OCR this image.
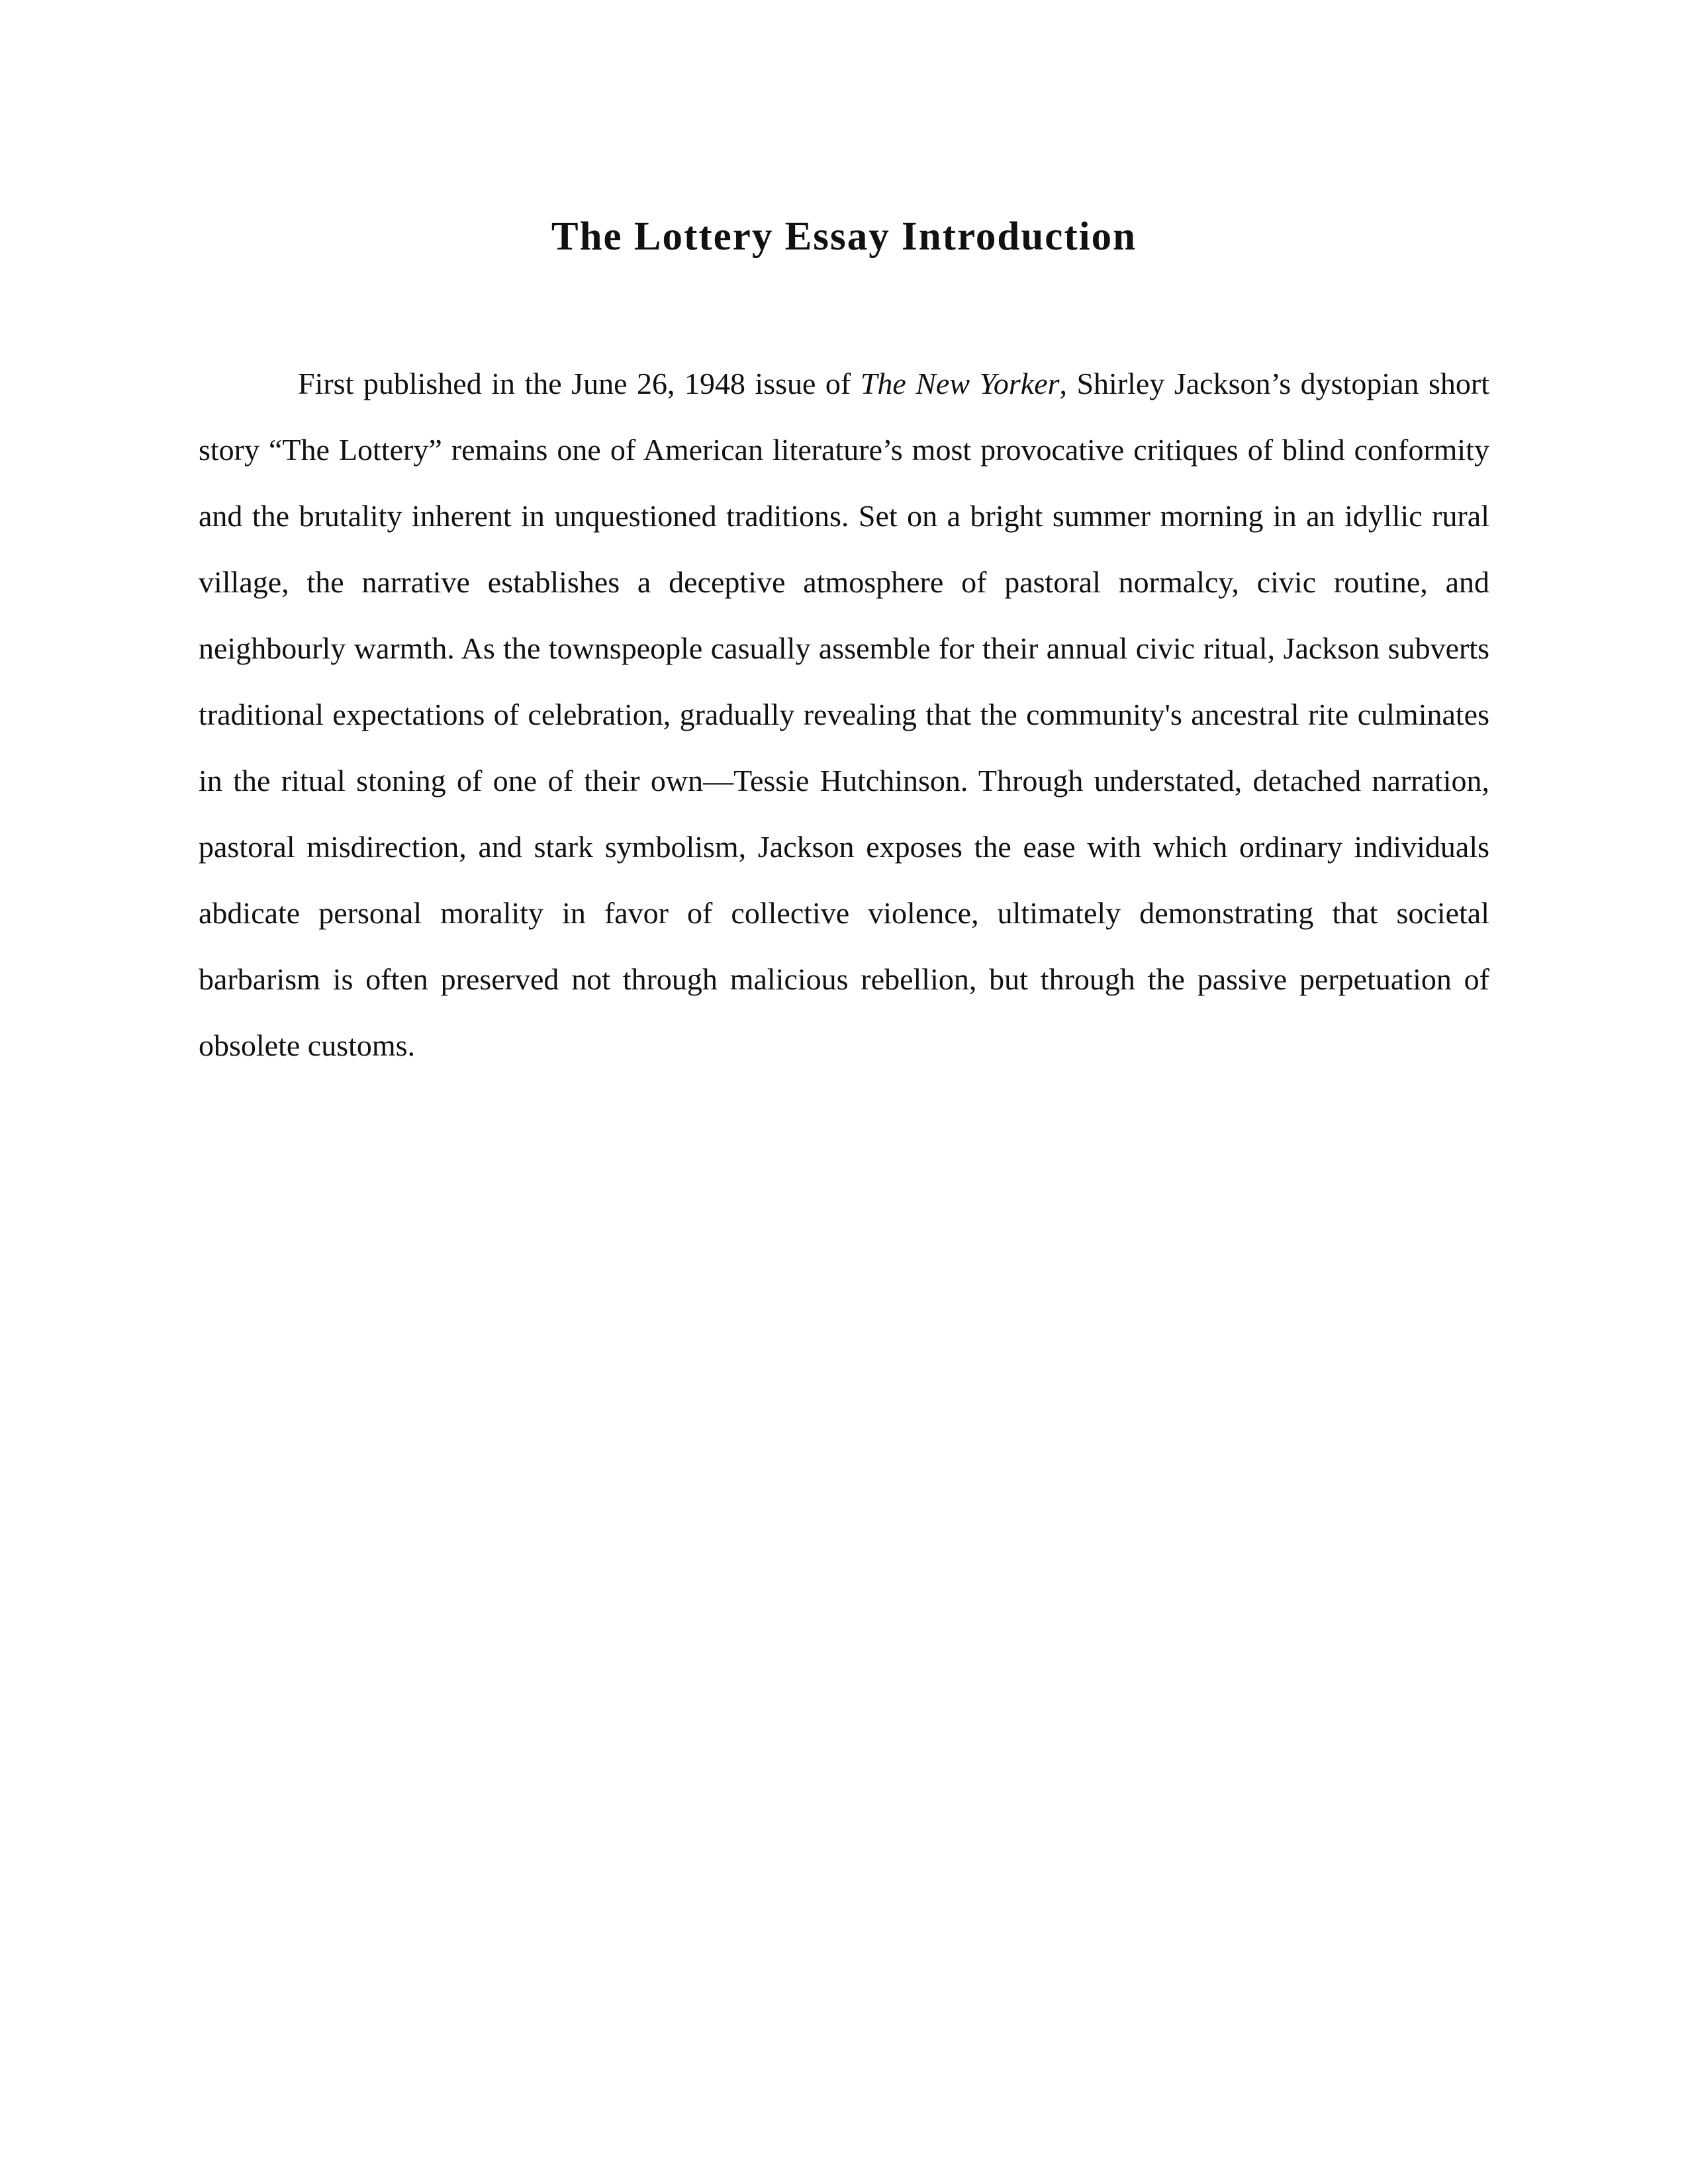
The Lottery Essay Introduction

First published in the June 26, 1948 issue of The New Yorker, Shirley Jackson’s dystopian short story “The Lottery” remains one of American literature’s most provocative critiques of blind conformity and the brutality inherent in unquestioned traditions. Set on a bright summer morning in an idyllic rural village, the narrative establishes a deceptive atmosphere of pastoral normalcy, civic routine, and neighbourly warmth. As the townspeople casually assemble for their annual civic ritual, Jackson subverts traditional expectations of celebration, gradually revealing that the community's ancestral rite culminates in the ritual stoning of one of their own—Tessie Hutchinson. Through understated, detached narration, pastoral misdirection, and stark symbolism, Jackson exposes the ease with which ordinary individuals abdicate personal morality in favor of collective violence, ultimately demonstrating that societal barbarism is often preserved not through malicious rebellion, but through the passive perpetuation of obsolete customs.
